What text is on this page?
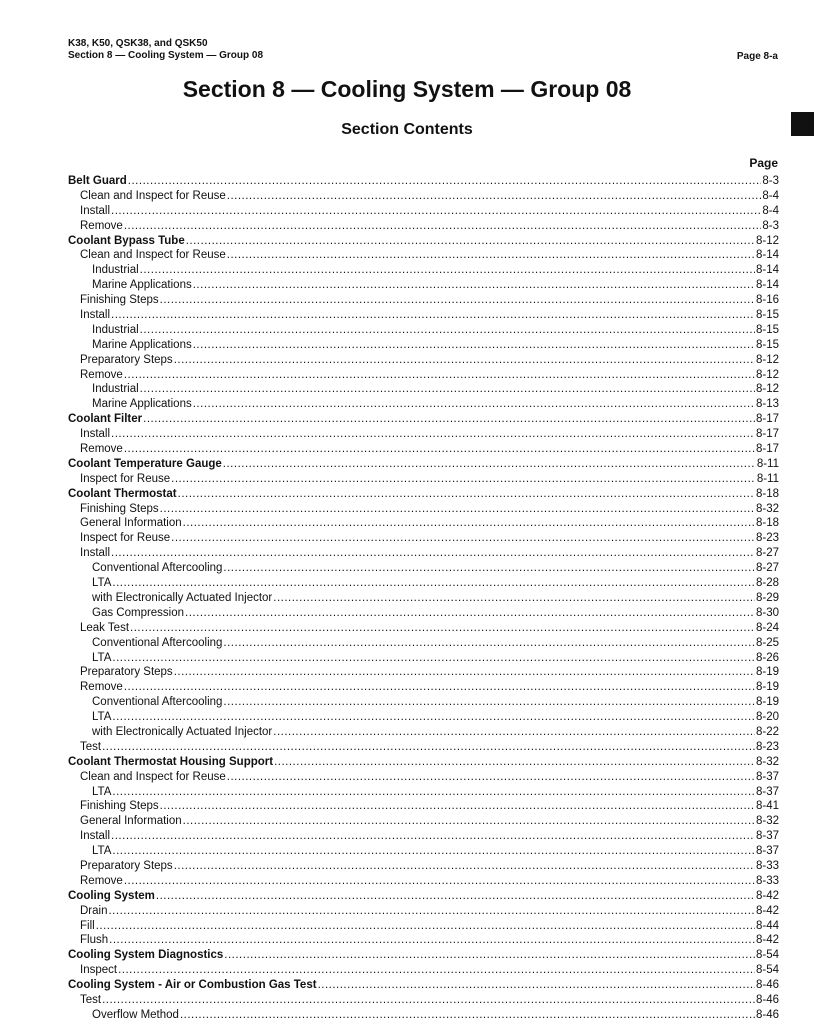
K38, K50, QSK38, and QSK50
Section 8 — Cooling System — Group 08	Page 8-a
Section 8 — Cooling System — Group 08
Section Contents
Page
Belt Guard .....	8-3
Clean and Inspect for Reuse .....	8-4
Install .....	8-4
Remove .....	8-3
Coolant Bypass Tube .....	8-12
Clean and Inspect for Reuse .....	8-14
Industrial .....	8-14
Marine Applications .....	8-14
Finishing Steps .....	8-16
Install .....	8-15
Industrial .....	8-15
Marine Applications .....	8-15
Preparatory Steps .....	8-12
Remove .....	8-12
Industrial .....	8-12
Marine Applications .....	8-13
Coolant Filter .....	8-17
Install .....	8-17
Remove .....	8-17
Coolant Temperature Gauge .....	8-11
Inspect for Reuse .....	8-11
Coolant Thermostat .....	8-18
Finishing Steps .....	8-32
General Information .....	8-18
Inspect for Reuse .....	8-23
Install .....	8-27
Conventional Aftercooling .....	8-27
LTA .....	8-28
with Electronically Actuated Injector .....	8-29
Gas Compression .....	8-30
Leak Test .....	8-24
Conventional Aftercooling .....	8-25
LTA .....	8-26
Preparatory Steps .....	8-19
Remove .....	8-19
Conventional Aftercooling .....	8-19
LTA .....	8-20
with Electronically Actuated Injector .....	8-22
Test .....	8-23
Coolant Thermostat Housing Support .....	8-32
Clean and Inspect for Reuse .....	8-37
LTA .....	8-37
Finishing Steps .....	8-41
General Information .....	8-32
Install .....	8-37
LTA .....	8-37
Preparatory Steps .....	8-33
Remove .....	8-33
Cooling System .....	8-42
Drain .....	8-42
Fill .....	8-44
Flush .....	8-42
Cooling System Diagnostics .....	8-54
Inspect .....	8-54
Cooling System - Air or Combustion Gas Test .....	8-46
Test .....	8-46
Overflow Method .....	8-46
